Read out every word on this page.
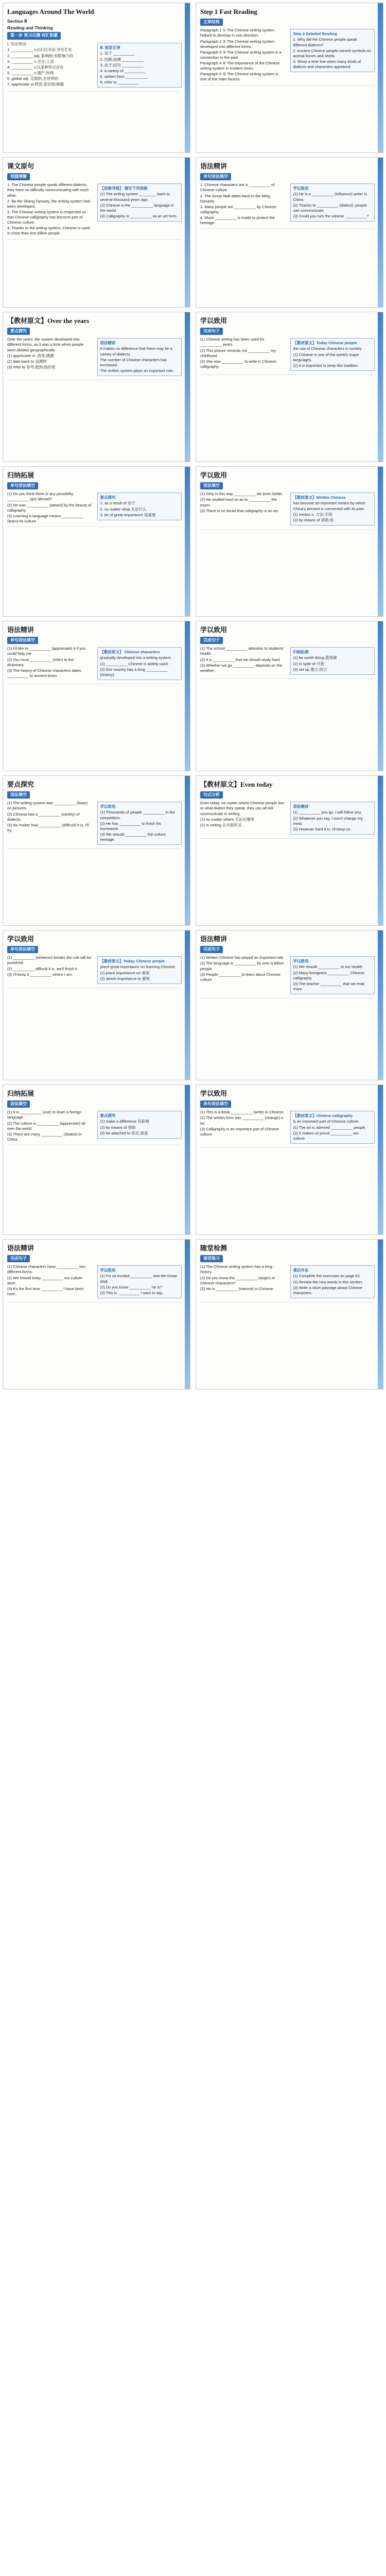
Languages Around The World
Section Ⅱ
Reading and Thinking
第一步 预习自测 词汇积累
Ⅰ. 写出单词
1. __________ n.(汉字)书法;书写艺术
2. __________ adj. 影响的;有影响力的
3. __________ n.方言;土话
4. __________ v.以某种形式存在
5. __________ n.遗产;传统
6. global adj. 全球的;全世界的
7. appreciate vt.欣赏;意识到;感激
Ⅱ. 短语互译
1. 用于 __________
2. 回顾;追溯 __________
3. 由于;因为 __________
4. a variety of __________
5. written form __________
6. refer to __________
Step 1 Fast Reading
文章结构
Paragraph 1 ① The Chinese writing system helped to develop in one direction.
Paragraph 2 ② The Chinese writing system developed into different forms.
Paragraph 3 ③ The Chinese writing system is a connection to the past.
Paragraph 4 ④ The importance of the Chinese writing system in modern times.
Paragraph 5 ⑤ The Chinese writing system is one of the main factors.
Step 2 Detailed Reading
1. Why did the Chinese people speak different dialects?
2. Ancient Chinese people carved symbols on animal bones and shells.
3. Show a time line when many kinds of dialects and characters appeared.
课文原句
语篇理解
1. The Chinese people speak different dialects, they have no difficulty communicating with each other.
2. By the Shang Dynasty, the writing system had been developed.
3. The Chinese writing system is respected so that Chinese calligraphy has become part of Chinese culture.
4. Thanks to the writing system, Chinese is used in more than one billion people.
【思维导图】 填写下列表格
(1) The writing system ________ back to several thousand years ago.
(2) Chinese is the __________ language in the world.
(3) Calligraphy is __________ as an art form.
语法精讲
单句语法填空
1. Chinese characters are a __________ of Chinese culture.
2. The Great Wall dates back to the Ming Dynasty.
3. Many people are __________ by Chinese calligraphy.
4. Much __________ is made to protect the heritage.
学以致用
(1) He is a __________ (influence) writer in China.
(2) Thanks to __________ (dialect), people can communicate.
(3) Could you turn the volume __________?
【教材原文】Over the years
要点探究
Over the years, the system developed into different forms, as it was a time when people were divided geographically.
(1) appreciate vt. 欣赏;感激
(2) date back to 追溯到
(3) refer to 参考;提到;指的是
语法精讲
It makes no difference that there may be a variety of dialects.
The number of Chinese characters has increased.
The written system plays an important role.
学以致用
完成句子
(1) Chinese writing has been used for __________ years.
(2) This picture reminds me __________ my childhood.
(3) She was __________ to write in Chinese calligraphy.
【教材原文】Today Chinese people
the use of Chinese characters in society
(1) Chinese is one of the world's major languages.
(2) It is important to keep this tradition.
归纳拓展
单句语法填空
(1) Do you think there is any possibility __________ (go) abroad?
(2) He was __________ (attract) by the beauty of calligraphy.
(3) Learning a language means __________ (learn) its culture.
要点探究
1. as a result of 由于
2. no matter what 无论什么
3. be of great importance 很重要
学以致用
语法填空
(1) Only in this way __________ we learn better.
(2) He studied hard so as to __________ the exam.
(3) There is no doubt that calligraphy is an art.
【教材原文】Written Chinese
has become an important means by which China's present is connected with its past.
(1) means n. 方法;手段
(2) by means of 借助;用
语法精讲
单句语法填空
(1) I'd like to __________ (appreciate) it if you could help me.
(2) You must __________ (refer) to the dictionary.
(3) The history of Chinese characters dates __________ to ancient times.
【教材原文】 Chinese characters
gradually developed into a writing system.
(1) __________ Chinese is widely used.
(2) Our country has a long __________ (history).
学以致用
完成句子
(1) The school __________ attention to students' health.
(2) It is __________ that we should study hard.
(3) Whether we go __________ depends on the weather.
归纳拓展
(1) be worth doing 值得做
(2) in spite of 尽管
(3) set up 建立;创立
要点探究
语法填空
(1) The writing system was __________ (base) on pictures.
(2) Chinese has a __________ (variety) of dialects.
(3) No matter how __________ (difficult) it is, I'll try.
学以致用
(1) Thousands of people __________ in the competition.
(2) He has __________ to finish his homework.
(3) We should __________ the culture heritage.
【教材原文】Even today
句式分析
Even today, no matter where Chinese people live or what dialect they speak, they can all still communicate in writing.
(1) no matter where 无论在哪里
(2) in writing 以书面形式
语法精讲
(1) __________ you go, I will follow you.
(2) Whatever you say, I won't change my mind.
(3) However hard it is, I'll keep on.
学以致用
单句语法填空
(1) __________ (whoever) breaks the rule will be punished.
(2) __________ difficult it is, we'll finish it.
(3) I'll keep it __________ where I am.
【教材原文】Today, Chinese people
place great importance on learning Chinese.
(1) place importance on 重视
(2) attach importance to 重视
语法精讲
完成句子
(1) Written Chinese has played an important role.
(2) The language is __________ by over a billion people.
(3) People __________ to learn about Chinese culture.
学以致用
(1) We should __________ to our health.
(2) Many foreigners __________ Chinese calligraphy.
(3) The teacher __________ that we read more.
归纳拓展
语法填空
(1) It is __________ (use) to learn a foreign language.
(2) The culture is __________ (appreciate) all over the world.
(3) There are many __________ (dialect) in China.
要点探究
(1) make a difference 有影响
(2) by means of 借助
(3) be attached to 依恋;喜爱
学以致用
单句语法填空
(1) This is a book __________ (write) in Chinese.
(2) The written form has __________ (change) a lot.
(3) Calligraphy is an important part of Chinese culture.
【教材原文】Chinese calligraphy
is an important part of Chinese culture.
(1) The art is admired __________ people.
(2) It makes us proud __________ our culture.
语法精讲
完成句子
(1) Chinese characters have __________ into different forms.
(2) We should keep __________ our culture alive.
(3) It's the first time __________ I have been here.
学以致用
(1) I'm so excited __________ visit the Great Wall.
(2) Do you know __________ he is?
(3) This is __________ I want to say.
随堂检测
课堂练习
(1) The Chinese writing system has a long history.
(2) Do you know the __________ (origin) of Chinese characters?
(3) He is __________ (interest) in Chinese.
课后作业
(1) Complete the exercises on page 62.
(2) Review the new words in this section.
(3) Write a short passage about Chinese characters.
